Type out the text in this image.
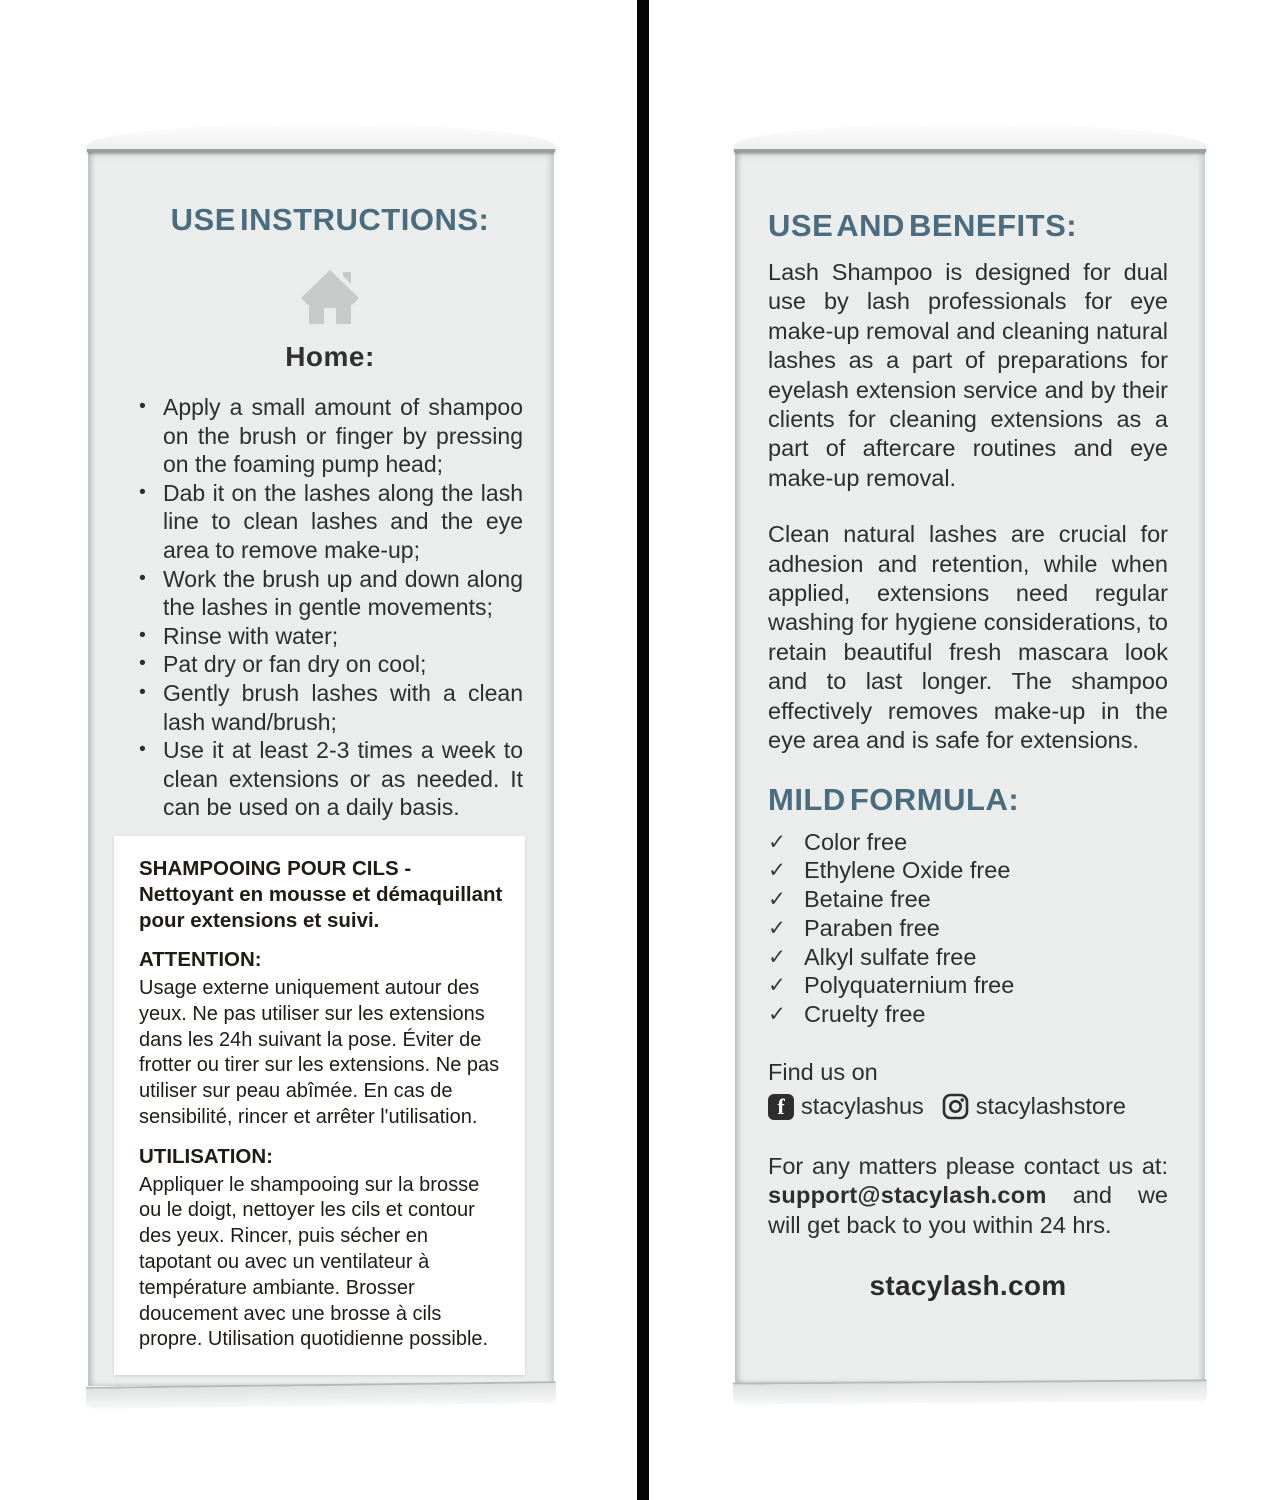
USE INSTRUCTIONS:
Home:
• Apply a small amount of shampoo on the brush or finger by pressing on the foaming pump head;
• Dab it on the lashes along the lash line to clean lashes and the eye area to remove make-up;
• Work the brush up and down along the lashes in gentle movements;
• Rinse with water;
• Pat dry or fan dry on cool;
• Gently brush lashes with a clean lash wand/brush;
• Use it at least 2-3 times a week to clean extensions or as needed. It can be used on a daily basis.
SHAMPOOING POUR CILS - Nettoyant en mousse et démaquillant pour extensions et suivi.
ATTENTION:
Usage externe uniquement autour des yeux. Ne pas utiliser sur les extensions dans les 24h suivant la pose. Éviter de frotter ou tirer sur les extensions. Ne pas utiliser sur peau abîmée. En cas de sensibilité, rincer et arrêter l'utilisation.
UTILISATION:
Appliquer le shampooing sur la brosse ou le doigt, nettoyer les cils et contour des yeux. Rincer, puis sécher en tapotant ou avec un ventilateur à température ambiante. Brosser doucement avec une brosse à cils propre. Utilisation quotidienne possible.
USE AND BENEFITS:

Lash Shampoo is designed for dual use by lash professionals for eye make-up removal and cleaning natural lashes as a part of preparations for eyelash extension service and by their clients for cleaning extensions as a part of aftercare routines and eye make-up removal.

Clean natural lashes are crucial for adhesion and retention, while when applied, extensions need regular washing for hygiene considerations, to retain beautiful fresh mascara look and to last longer. The shampoo effectively removes make-up in the eye area and is safe for extensions.

MILD FORMULA:
✓ Color free
✓ Ethylene Oxide free
✓ Betaine free
✓ Paraben free
✓ Alkyl sulfate free
✓ Polyquaternium free
✓ Cruelty free
Find us on
f stacylashus stacylashstore

For any matters please contact us at: support@stacylash.com and we will get back to you within 24 hrs.

stacylash.com
